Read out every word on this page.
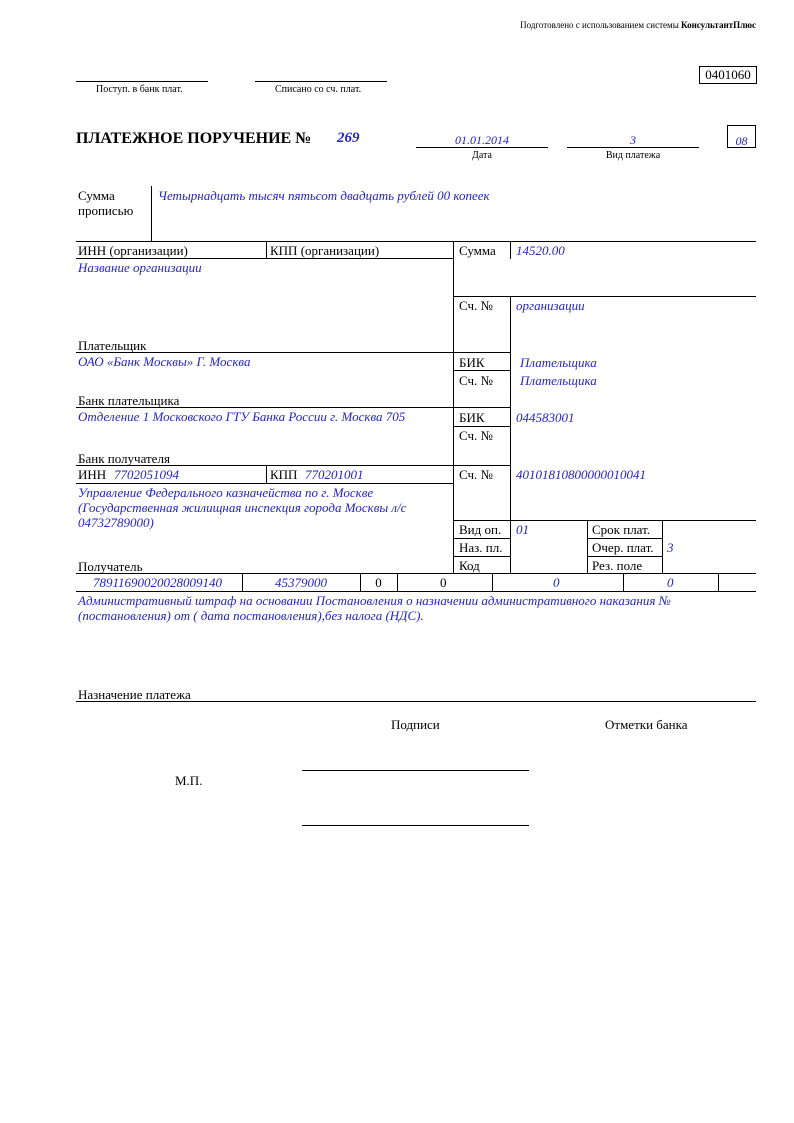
Подготовлено с использованием системы КонсультантПлюс
0401060
Поступ. в банк плат.	Списано со сч. плат.
ПЛАТЕЖНОЕ ПОРУЧЕНИЕ № 269	01.01.2014
Дата
3
Вид платежа
08
Сумма
прописью
Четырнадцать тысяч пятьсот двадцать рублей 00 копеек
ИНН (организации)	КПП (организации)
Название организации
Плательщик
Сумма 14520.00
Сч. № организации
ОАО «Банк Москвы» Г. Москва
Банк плательщика
БИК	Плательщика
Сч. № Плательщика
Отделение 1 Московского ГТУ Банка России г. Москва 705
Банк получателя
БИК 044583001
Сч. №
ИНН 7702051094	КПП 770201001	Сч. № 40101810800000010041
Управление Федерального казначейства по г. Москве
(Государственная жилищная инспекция города Москвы л/с
04732789000)
Получатель
Вид оп. 01
Наз. пл.
Код
Срок плат.
Очер. плат. 3
Рез. поле
78911690020028009140	45379000	0	0	0	0
Административный штраф на основании Постановления о назначении административного наказания №
(постановления) от ( дата постановления),без налога (НДС).
Назначение платежа
Подписи	Отметки банка
М.П.
